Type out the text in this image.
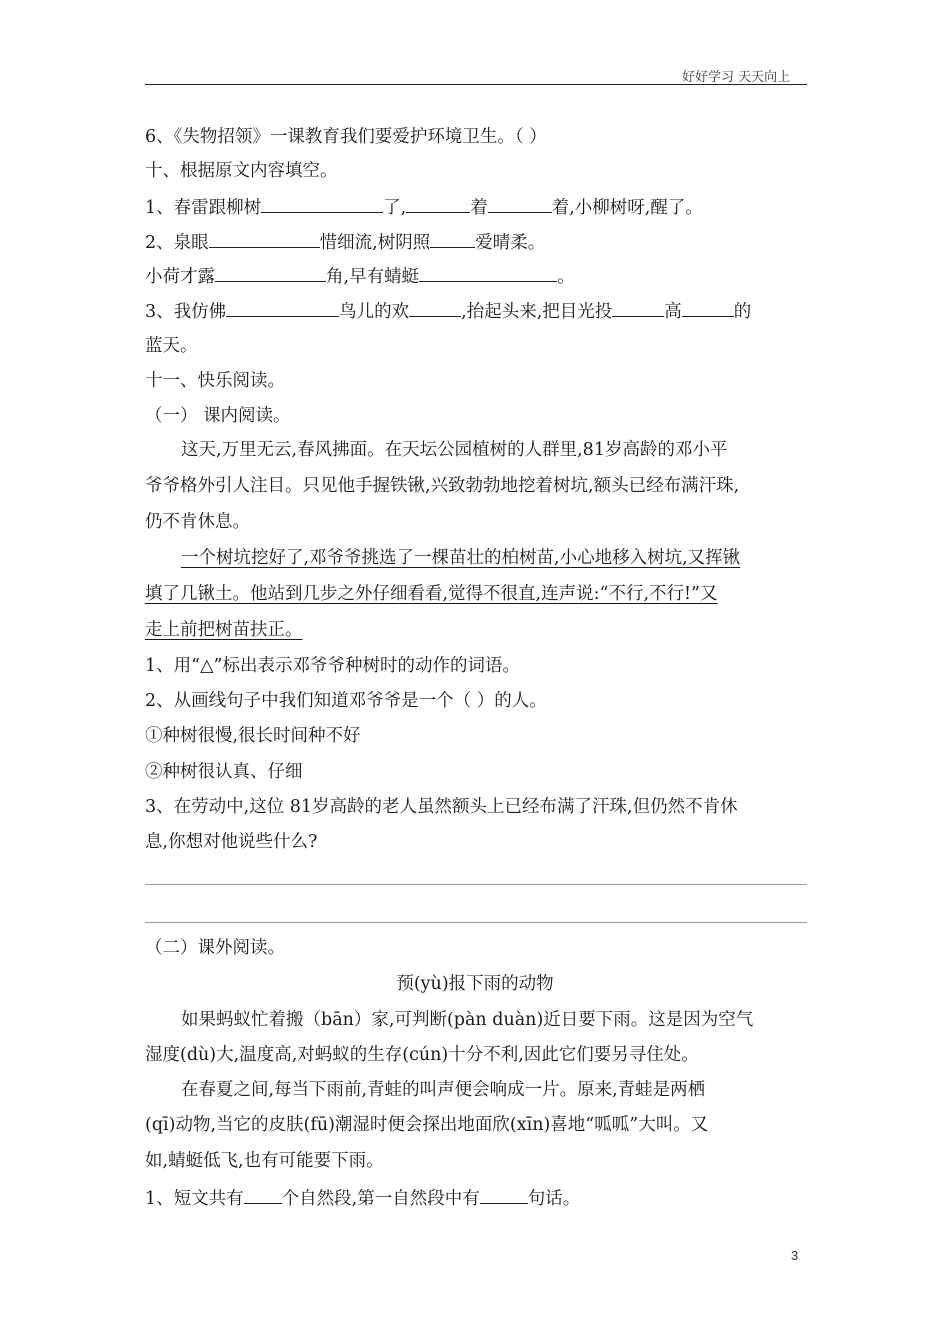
好好学习 天天向上
6、《失物招领》一课教育我们要爱护环境卫生。（ ）
十、根据原文内容填空。
1、春雷跟柳树	了,	着	着,小柳树呀,醒了。
2、泉眼	惜细流,树阴照	爱晴柔。
小荷才露	角,早有蜻蜓	。
3、我仿佛	鸟儿的欢	,抬起头来,把目光投	高	的
蓝天。
十一、快乐阅读。
（一） 课内阅读。
这天,万里无云,春风拂面。在天坛公园植树的人群里,81岁高龄的邓小平
爷爷格外引人注目。只见他手握铁锹,兴致勃勃地挖着树坑,额头已经布满汗珠,
仍不肯休息。
一个树坑挖好了,邓爷爷挑选了一棵苗壮的柏树苗,小心地移入树坑,又挥锹
填了几锹土。他站到几步之外仔细看看,觉得不很直,连声说:“不行,不行!”又
走上前把树苗扶正。
1、用“△”标出表示邓爷爷种树时的动作的词语。
2、从画线句子中我们知道邓爷爷是一个（ ）的人。
①种树很慢,很长时间种不好
②种树很认真、仔细
3、在劳动中,这位 81岁高龄的老人虽然额头上已经布满了汗珠,但仍然不肯休
息,你想对他说些什么?
（二）课外阅读。
预(yù)报下雨的动物
如果蚂蚁忙着搬（bān）家,可判断(pàn duàn)近日要下雨。这是因为空气
湿度(dù)大,温度高,对蚂蚁的生存(cún)十分不利,因此它们要另寻住处。
在春夏之间,每当下雨前,青蛙的叫声便会响成一片。原来,青蛙是两栖
(qī)动物,当它的皮肤(fū)潮湿时便会探出地面欣(xīn)喜地“呱呱”大叫。又
如,蜻蜓低飞,也有可能要下雨。
1、短文共有 个自然段,第一自然段中有	句话。
3
